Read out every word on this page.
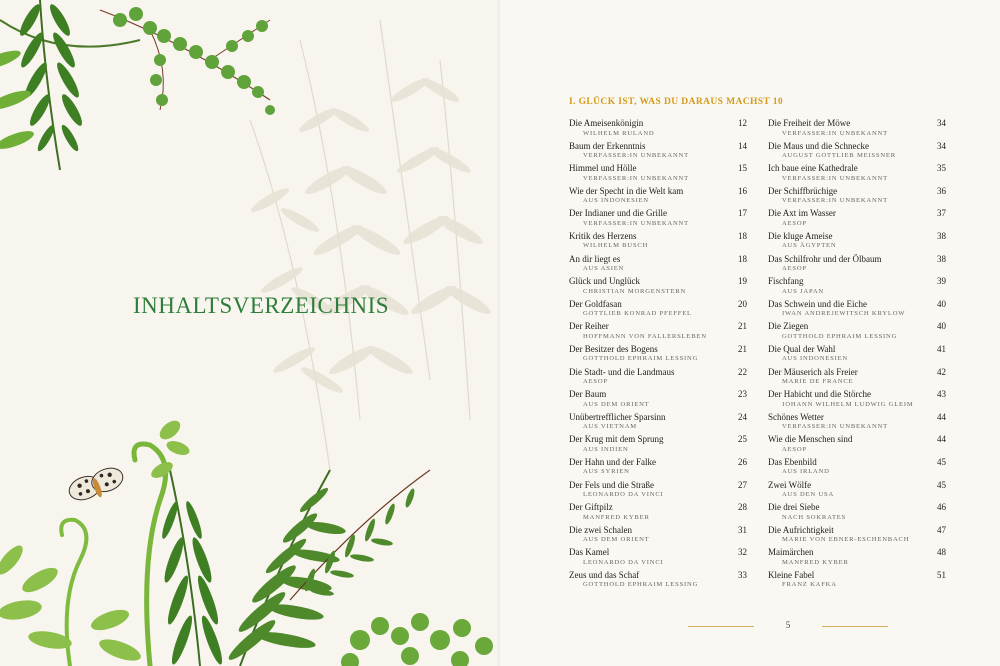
INHALTSVERZEICHNIS
I. GLÜCK IST, WAS DU DARAUS MACHST 10
Die Ameisenkönigin	12
WILHELM RULAND
Baum der Erkenntnis	14
VERFASSER:IN UNBEKANNT
Himmel und Hölle	15
VERFASSER:IN UNBEKANNT
Wie der Specht in die Welt kam	16
AUS INDONESIEN
Der Indianer und die Grille	17
VERFASSER:IN UNBEKANNT
Kritik des Herzens	18
WILHELM BUSCH
An dir liegt es	18
AUS ASIEN
Glück und Unglück	19
CHRISTIAN MORGENSTERN
Der Goldfasan	20
GOTTLIEB KONRAD PFEFFEL
Der Reiher	21
HOFFMANN VON FALLERSLEBEN
Der Besitzer des Bogens	21
GOTTHOLD EPHRAIM LESSING
Die Stadt- und die Landmaus	22
AESOP
Der Baum	23
AUS DEM ORIENT
Unübertrefflicher Sparsinn	24
AUS VIETNAM
Der Krug mit dem Sprung	25
AUS INDIEN
Der Hahn und der Falke	26
AUS SYRIEN
Der Fels und die Straße	27
LEONARDO DA VINCI
Der Giftpilz	28
MANFRED KYBER
Die zwei Schalen	31
AUS DEM ORIENT
Das Kamel	32
LEONARDO DA VINCI
Zeus und das Schaf	33
GOTTHOLD EPHRAIM LESSING
Die Freiheit der Möwe	34
VERFASSER:IN UNBEKANNT
Die Maus und die Schnecke	34
AUGUST GOTTLIEB MEISSNER
Ich baue eine Kathedrale	35
VERFASSER:IN UNBEKANNT
Der Schiffbrüchige	36
VERFASSER:IN UNBEKANNT
Die Axt im Wasser	37
AESOP
Die kluge Ameise	38
AUS ÄGYPTEN
Das Schilfrohr und der Ölbaum	38
AESOP
Fischfang	39
AUS JAPAN
Das Schwein und die Eiche	40
IWAN ANDREJEWITSCH KRYLOW
Die Ziegen	40
GOTTHOLD EPHRAIM LESSING
Die Qual der Wahl	41
AUS INDONESIEN
Der Mäuserich als Freier	42
MARIE DE FRANCE
Der Habicht und die Störche	43
JOHANN WILHELM LUDWIG GLEIM
Schönes Wetter	44
VERFASSER:IN UNBEKANNT
Wie die Menschen sind	44
AESOP
Das Ebenbild	45
AUS IRLAND
Zwei Wölfe	45
AUS DEN USA
Die drei Siebe	46
NACH SOKRATES
Die Aufrichtigkeit	47
MARIE VON EBNER-ESCHENBACH
Maimärchen	48
MANFRED KYBER
Kleine Fabel	51
FRANZ KAFKA
5
